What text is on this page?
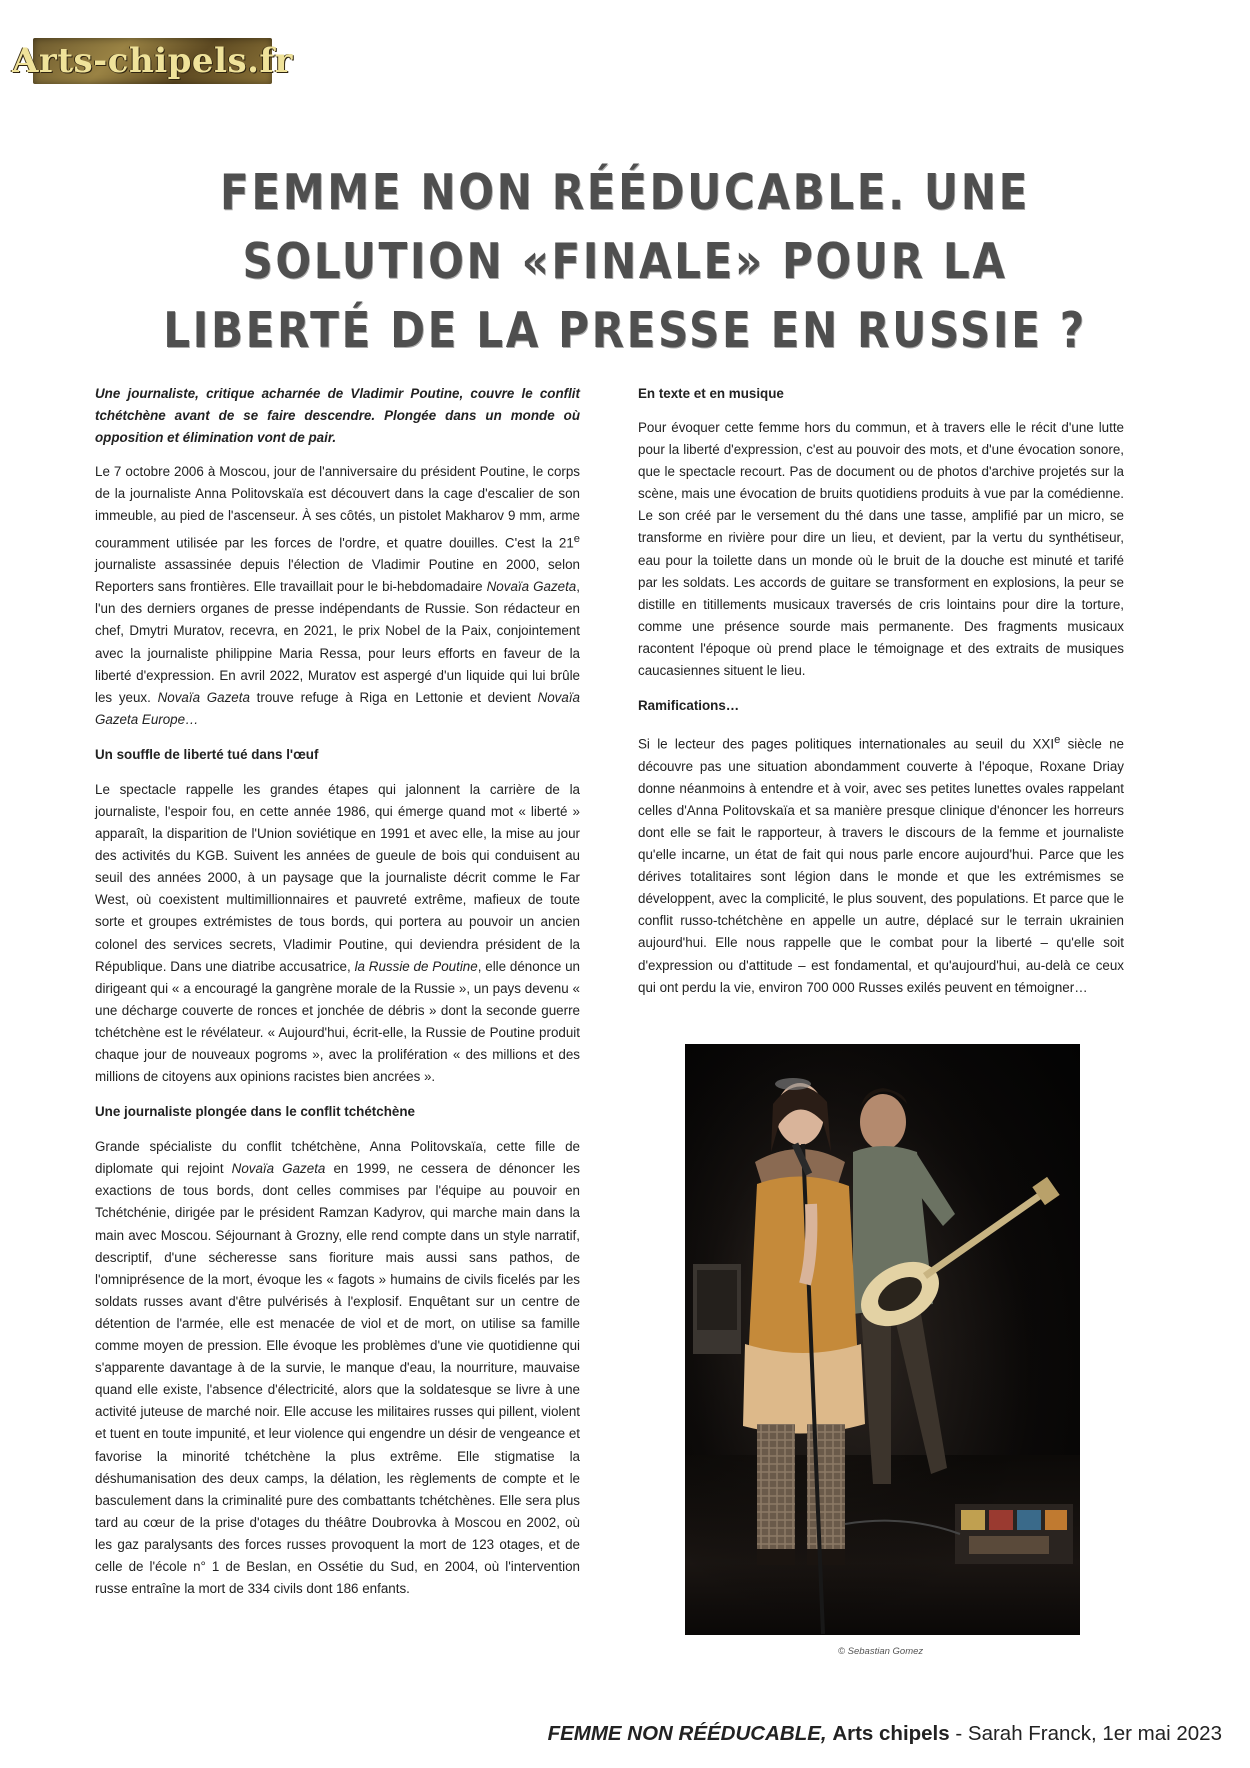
Arts-chipels.fr
FEMME NON RÉÉDUCABLE. UNE SOLUTION «FINALE» POUR LA LIBERTÉ DE LA PRESSE EN RUSSIE ?

Une journaliste, critique acharnée de Vladimir Poutine, couvre le conflit tchétchène avant de se faire descendre. Plongée dans un monde où opposition et élimination vont de pair.

Le 7 octobre 2006 à Moscou, jour de l'anniversaire du président Poutine, le corps de la journaliste Anna Politovskaïa est découvert dans la cage d'escalier de son immeuble, au pied de l'ascenseur. À ses côtés, un pistolet Makharov 9 mm, arme couramment utilisée par les forces de l'ordre, et quatre douilles. C'est la 21e journaliste assassinée depuis l'élection de Vladimir Poutine en 2000, selon Reporters sans frontières. Elle travaillait pour le bi-hebdomadaire Novaïa Gazeta, l'un des derniers organes de presse indépendants de Russie. Son rédacteur en chef, Dmytri Muratov, recevra, en 2021, le prix Nobel de la Paix, conjointement avec la journaliste philippine Maria Ressa, pour leurs efforts en faveur de la liberté d'expression. En avril 2022, Muratov est aspergé d'un liquide qui lui brûle les yeux. Novaïa Gazeta trouve refuge à Riga en Lettonie et devient Novaïa Gazeta Europe…

Un souffle de liberté tué dans l'œuf

Le spectacle rappelle les grandes étapes qui jalonnent la carrière de la journaliste, l'espoir fou, en cette année 1986, qui émerge quand mot « liberté » apparaît, la disparition de l'Union soviétique en 1991 et avec elle, la mise au jour des activités du KGB. Suivent les années de gueule de bois qui conduisent au seuil des années 2000, à un paysage que la journaliste décrit comme le Far West, où coexistent multimillionnaires et pauvreté extrême, mafieux de toute sorte et groupes extrémistes de tous bords, qui portera au pouvoir un ancien colonel des services secrets, Vladimir Poutine, qui deviendra président de la République. Dans une diatribe accusatrice, la Russie de Poutine, elle dénonce un dirigeant qui « a encouragé la gangrène morale de la Russie », un pays devenu « une décharge couverte de ronces et jonchée de débris » dont la seconde guerre tchétchène est le révélateur. « Aujourd'hui, écrit-elle, la Russie de Poutine produit chaque jour de nouveaux pogroms », avec la prolifération « des millions et des millions de citoyens aux opinions racistes bien ancrées ».

Une journaliste plongée dans le conflit tchétchène

Grande spécialiste du conflit tchétchène, Anna Politovskaïa, cette fille de diplomate qui rejoint Novaïa Gazeta en 1999, ne cessera de dénoncer les exactions de tous bords, dont celles commises par l'équipe au pouvoir en Tchétchénie, dirigée par le président Ramzan Kadyrov, qui marche main dans la main avec Moscou. Séjournant à Grozny, elle rend compte dans un style narratif, descriptif, d'une sécheresse sans fioriture mais aussi sans pathos, de l'omniprésence de la mort, évoque les « fagots » humains de civils ficelés par les soldats russes avant d'être pulvérisés à l'explosif. Enquêtant sur un centre de détention de l'armée, elle est menacée de viol et de mort, on utilise sa famille comme moyen de pression. Elle évoque les problèmes d'une vie quotidienne qui s'apparente davantage à de la survie, le manque d'eau, la nourriture, mauvaise quand elle existe, l'absence d'électricité, alors que la soldatesque se livre à une activité juteuse de marché noir. Elle accuse les militaires russes qui pillent, violent et tuent en toute impunité, et leur violence qui engendre un désir de vengeance et favorise la minorité tchétchène la plus extrême. Elle stigmatise la déshumanisation des deux camps, la délation, les règlements de compte et le basculement dans la criminalité pure des combattants tchétchènes. Elle sera plus tard au cœur de la prise d'otages du théâtre Doubrovka à Moscou en 2002, où les gaz paralysants des forces russes provoquent la mort de 123 otages, et de celle de l'école n° 1 de Beslan, en Ossétie du Sud, en 2004, où l'intervention russe entraîne la mort de 334 civils dont 186 enfants.

En texte et en musique

Pour évoquer cette femme hors du commun, et à travers elle le récit d'une lutte pour la liberté d'expression, c'est au pouvoir des mots, et d'une évocation sonore, que le spectacle recourt. Pas de document ou de photos d'archive projetés sur la scène, mais une évocation de bruits quotidiens produits à vue par la comédienne. Le son créé par le versement du thé dans une tasse, amplifié par un micro, se transforme en rivière pour dire un lieu, et devient, par la vertu du synthétiseur, eau pour la toilette dans un monde où le bruit de la douche est minuté et tarifé par les soldats. Les accords de guitare se transforment en explosions, la peur se distille en titillements musicaux traversés de cris lointains pour dire la torture, comme une présence sourde mais permanente. Des fragments musicaux racontent l'époque où prend place le témoignage et des extraits de musiques caucasiennes situent le lieu.

Ramifications…

Si le lecteur des pages politiques internationales au seuil du XXIe siècle ne découvre pas une situation abondamment couverte à l'époque, Roxane Driay donne néanmoins à entendre et à voir, avec ses petites lunettes ovales rappelant celles d'Anna Politovskaïa et sa manière presque clinique d'énoncer les horreurs dont elle se fait le rapporteur, à travers le discours de la femme et journaliste qu'elle incarne, un état de fait qui nous parle encore aujourd'hui. Parce que les dérives totalitaires sont légion dans le monde et que les extrémismes se développent, avec la complicité, le plus souvent, des populations. Et parce que le conflit russo-tchétchène en appelle un autre, déplacé sur le terrain ukrainien aujourd'hui. Elle nous rappelle que le combat pour la liberté – qu'elle soit d'expression ou d'attitude – est fondamental, et qu'aujourd'hui, au-delà ce ceux qui ont perdu la vie, environ 700 000 Russes exilés peuvent en témoigner…

© Sebastian Gomez
FEMME NON RÉÉDUCABLE, Arts chipels - Sarah Franck, 1er mai 2023
